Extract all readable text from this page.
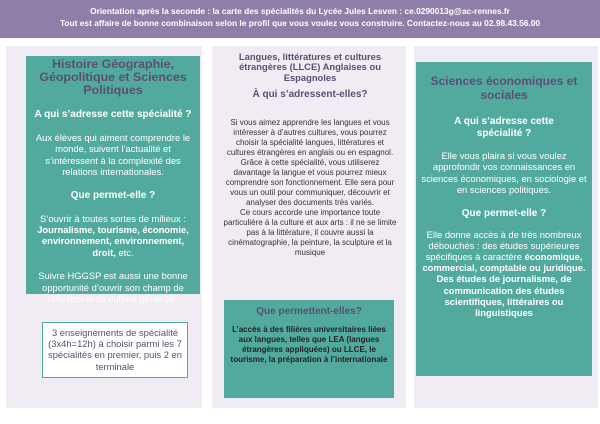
Orientation après la seconde : la carte des spécialités du Lycée Jules Lesven : ce.0290013g@ac-rennes.fr
Tout est affaire de bonne combinaison selon le profil que vous voulez vous construire. Contactez-nous au 02.98.43.56.00
Histoire Géographie, Géopolitique et Sciences Politiques
A qui s’adresse cette spécialité ?
Aux élèves qui aiment comprendre le monde, suivent l’actualité et s’intéressent à la complexité des relations internationales.
Que permet-elle ?
S’ouvrir à toutes sortes de milieux : Journalisme, tourisme, économie, environnement, environnement, droit, etc.
Suivre HGGSP est aussi une bonne opportunité d’ouvrir son champ de réflexion et sa culture générale.
3 enseignements de spécialité (3x4h=12h) à choisir parmi les 7 spécialités en premier, puis 2 en terminale
Langues, littératures et cultures étrangères (LLCE) Anglaises ou Espagnoles
À qui s’adressent-elles?
Si vous aimez apprendre les langues et vous intéresser à d’autres cultures, vous pourrez choisir la spécialité langues, littératures et cultures étrangères en anglais ou en espagnol. Grâce à cette spécialité, vous utiliserez davantage la langue et vous pourrez mieux comprendre son fonctionnement. Elle sera pour vous un outil pour communiquer, découvrir et analyser des documents très variés.
Ce cours accorde une importance toute particulière à la culture et aux arts : il ne se limite pas à la littérature, il couvre aussi la cinématographie, la peinture, la sculpture et la musique
Que permettent-elles?
L’accès à des filières universitaires liées aux langues, telles que LEA (langues étrangères appliquées) ou LLCE, le tourisme, la préparation à l’internationale
Sciences économiques et sociales
A qui s’adresse cette spécialité ?
Elle vous plaira si vous voulez approfondir vos connaissances en sciences économiques, en sociologie et en sciences politiques.
Que permet-elle ?
Elle donne accès à de très nombreux débouchés : des études supérieures spécifiques à caractère économique, commercial, comptable ou juridique. Des études de journalisme, de communication des études scientifiques, littéraires ou linguistiques
